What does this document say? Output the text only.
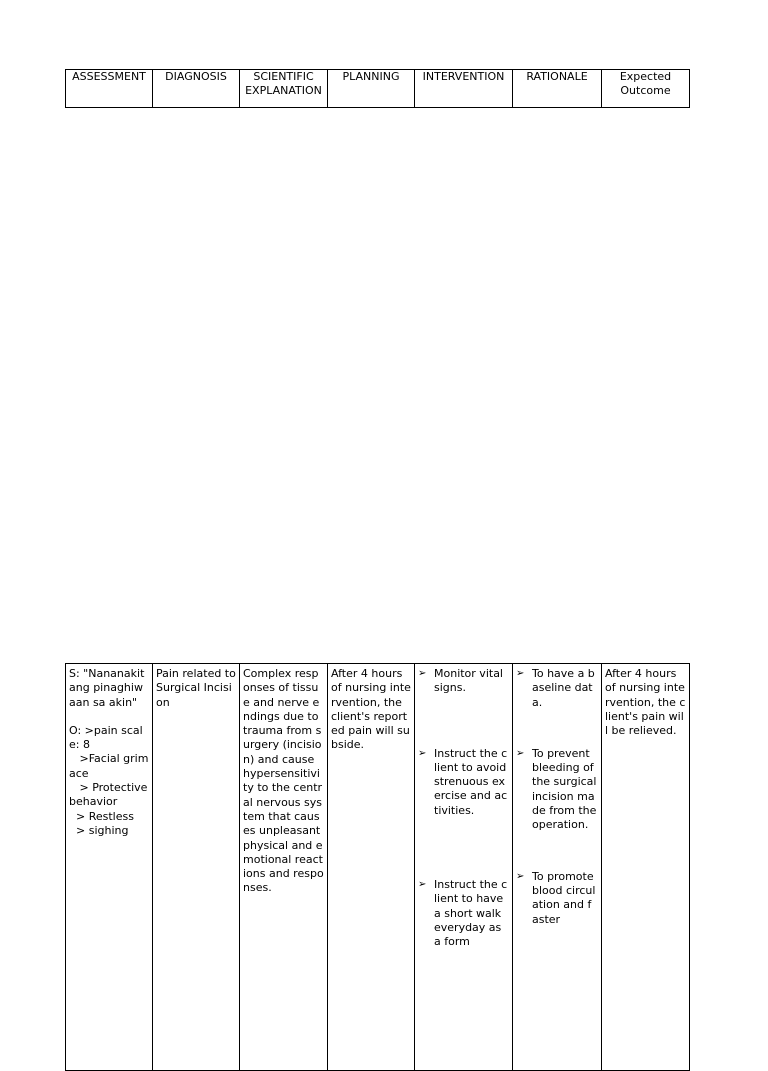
ASSESSMENT	DIAGNOSIS	SCIENTIFIC EXPLANATION	PLANNING	INTERVENTION	RATIONALE	Expected Outcome
S: "Nananakit ang pinaghiwaan sa akin"
O: >pain scale: 8
>Facial grimace
> Protective behavior
> Restless
> sighing

Pain related to Surgical Incision

Complex responses of tissue and nerve endings due to trauma from surgery (incision) and cause hypersensitivity to the central nervous system that causes unpleasant physical and emotional reactions and responses.

After 4 hours of nursing intervention, the client's reported pain will subside.

➢ Monitor vital signs.
➢ Instruct the client to avoid strenuous exercise and activities.
➢ Instruct the client to have a short walk everyday as a form

➢ To have a baseline data.
➢ To prevent bleeding of the surgical incision made from the operation.
➢ To promote blood circulation and faster

After 4 hours of nursing intervention, the client's pain will be relieved.
